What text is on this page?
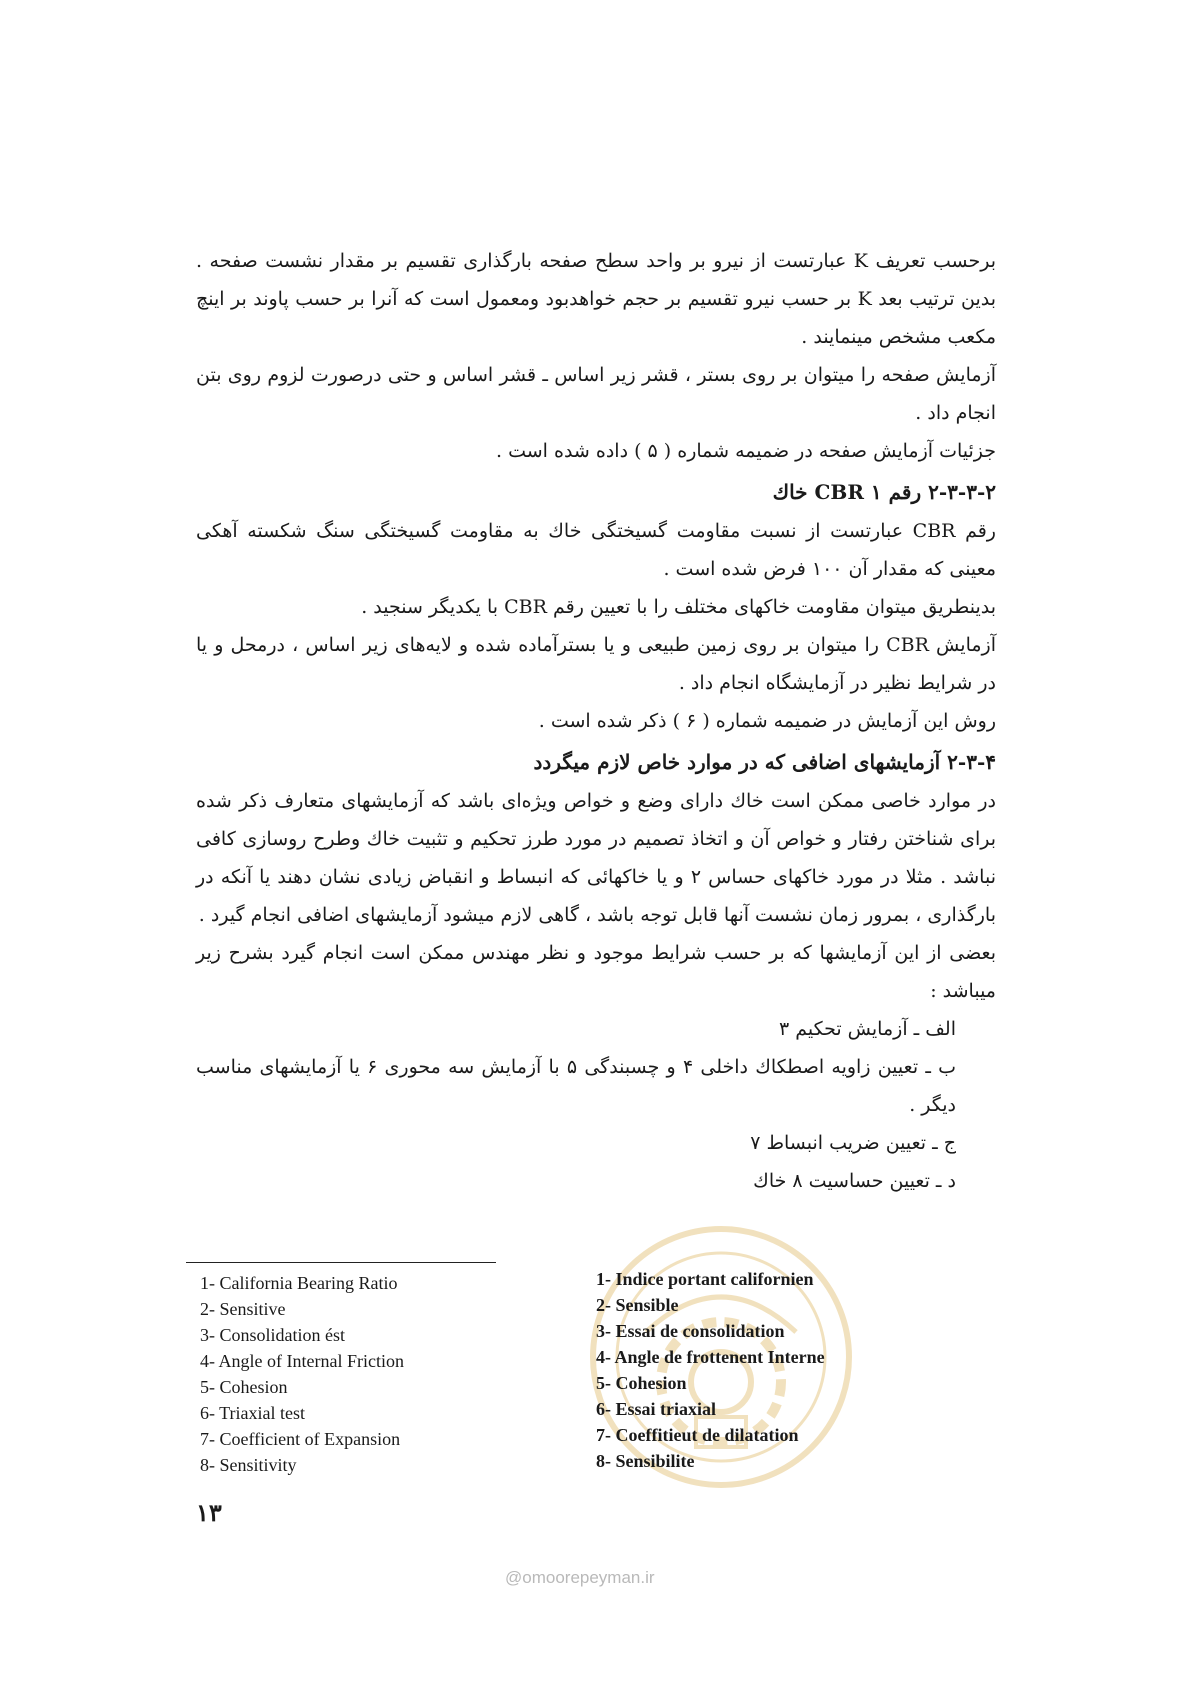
برحسب تعریف K عبارتست از نیرو بر واحد سطح صفحه بارگذاری تقسیم بر مقدار نشست صفحه . بدین ترتیب بعد K بر حسب نیرو تقسیم بر حجم خواهدبود ومعمول است که آنرا بر حسب پاوند بر اینچ مکعب مشخص مینمایند .

آزمایش صفحه را میتوان بر روی بستر ، قشر زیر اساس ـ قشر اساس و حتی درصورت لزوم روی بتن انجام داد .

جزئیات آزمایش صفحه در ضمیمه شماره ( ۵ ) داده شده است .

۲-۳-۳-۲ رقم CBR ۱ خاك

رقم CBR عبارتست از نسبت مقاومت گسیختگی خاك به مقاومت گسیختگی سنگ شکسته آهکی معینی که مقدار آن ۱۰۰ فرض شده است .

بدینطریق میتوان مقاومت خاکهای مختلف را با تعیین رقم CBR با یکدیگر سنجید .

آزمایش CBR را میتوان بر روی زمین طبیعی و یا بسترآماده شده و لایه‌های زیر اساس ، درمحل و یا در شرایط نظیر در آزمایشگاه انجام داد .

روش این آزمایش در ضمیمه شماره ( ۶ ) ذکر شده است .

۲-۳-۴ آزمایشهای اضافی که در موارد خاص لازم میگردد

در موارد خاصی ممکن است خاك دارای وضع و خواص ویژه‌ای باشد که آزمایشهای متعارف ذکر شده برای شناختن رفتار و خواص آن و اتخاذ تصمیم در مورد طرز تحکیم و تثبیت خاك وطرح روسازی کافی نباشد . مثلا در مورد خاکهای حساس ۲ و یا خاکهائی که انبساط و انقباض زیادی نشان دهند یا آنکه در بارگذاری ، بمرور زمان نشست آنها قابل توجه باشد ، گاهی لازم میشود آزمایشهای اضافی انجام گیرد .

بعضی از این آزمایشها که بر حسب شرایط موجود و نظر مهندس ممکن است انجام گیرد بشرح زیر میباشد :

الف ـ آزمایش تحکیم ۳

ب ـ تعیین زاویه اصطکاك داخلی ۴ و چسبندگی ۵ با آزمایش سه محوری ۶ یا آزمایشهای مناسب دیگر .

ج ـ تعیین ضریب انبساط ۷

د ـ تعیین حساسیت ۸ خاك

1- California Bearing Ratio
2- Sensitive
3- Consolidation ést
4- Angle of Internal Friction
5- Cohesion
6- Triaxial test
7- Coefficient of Expansion
8- Sensitivity
1- Indice portant californien
2- Sensible
3- Essai de consolidation
4- Angle de frottenent Interne
5- Cohesion
6- Essai triaxial
7- Coeffitieut de dilatation
8- Sensibilite
۱۳
@omoorepeyman.ir
